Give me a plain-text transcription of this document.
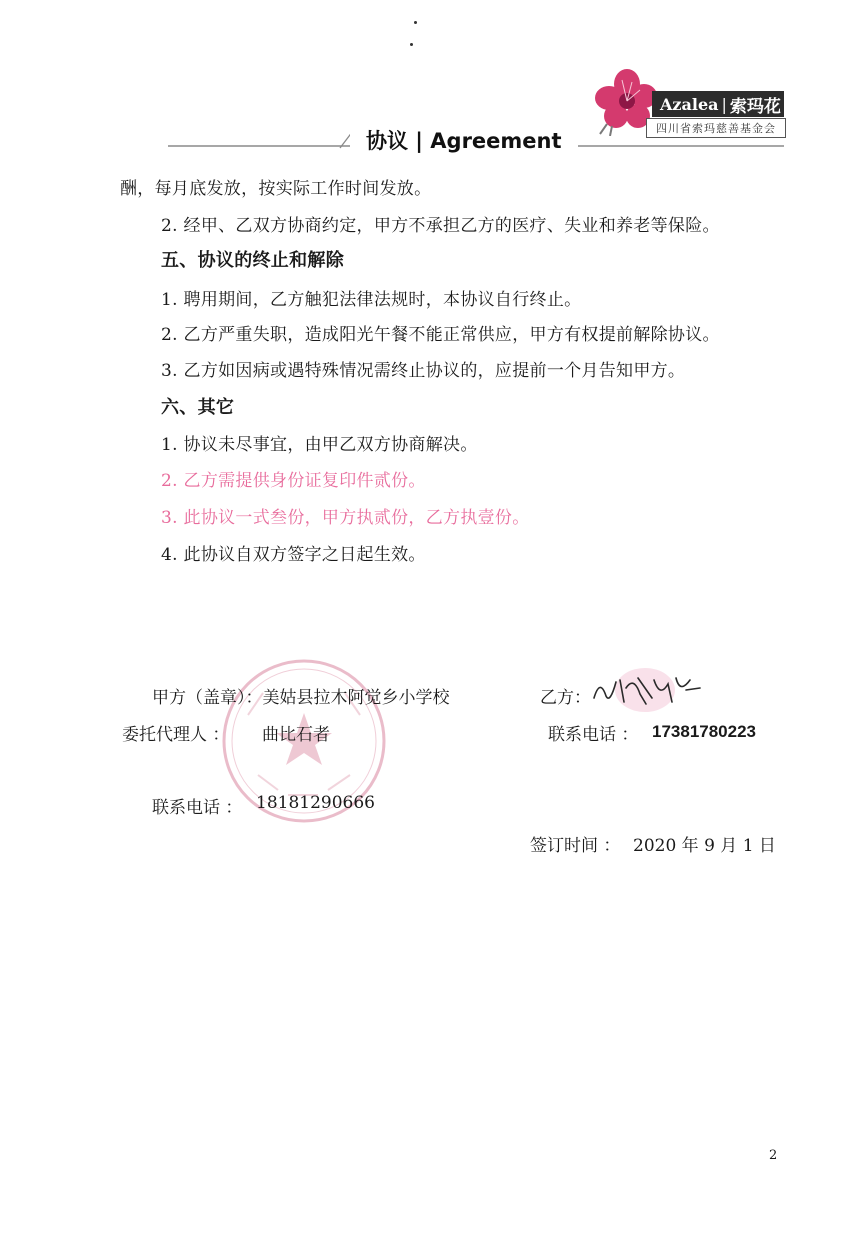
Azalea | 索玛花
四川省索玛慈善基金会
协议 | Agreement
酬，每月底发放，按实际工作时间发放。
2. 经甲、乙双方协商约定，甲方不承担乙方的医疗、失业和养老等保险。
五、协议的终止和解除
1. 聘用期间，乙方触犯法律法规时，本协议自行终止。
2. 乙方严重失职，造成阳光午餐不能正常供应，甲方有权提前解除协议。
3. 乙方如因病或遇特殊情况需终止协议的，应提前一个月告知甲方。
六、其它
1. 协议未尽事宜，由甲乙双方协商解决。
2. 乙方需提供身份证复印件贰份。
3. 此协议一式叁份，甲方执贰份，乙方执壹份。
4. 此协议自双方签字之日起生效。
甲方（盖章）：美姑县拉木阿觉乡小学校	乙方：
委托代理人 ： 曲比石者	联系电话 ： 17381780223
联系电话 ： 18181290666
签订时间 ： 2020 年 9 月 1 日
2
